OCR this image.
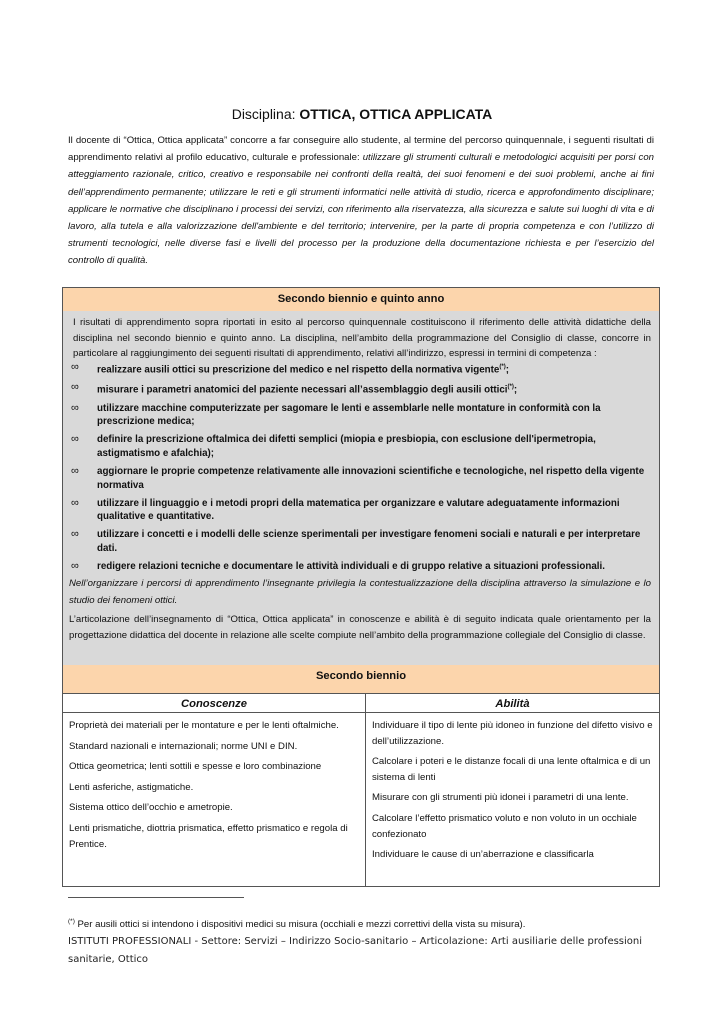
Disciplina: OTTICA, OTTICA APPLICATA
Il docente di “Ottica, Ottica applicata” concorre a far conseguire allo studente, al termine del percorso quinquennale, i seguenti risultati di apprendimento relativi al profilo educativo, culturale e professionale: utilizzare gli strumenti culturali e metodologici acquisiti per porsi con atteggiamento razionale, critico, creativo e responsabile nei confronti della realtà, dei suoi fenomeni e dei suoi problemi, anche ai fini dell’apprendimento permanente; utilizzare le reti e gli strumenti informatici nelle attività di studio, ricerca e approfondimento disciplinare; applicare le normative che disciplinano i processi dei servizi, con riferimento alla riservatezza, alla sicurezza e salute sui luoghi di vita e di lavoro, alla tutela e alla valorizzazione dell'ambiente e del territorio; intervenire, per la parte di propria competenza e con l’utilizzo di strumenti tecnologici, nelle diverse fasi e livelli del processo per la produzione della documentazione richiesta e per l’esercizio del controllo di qualità.
Secondo biennio e quinto anno
I risultati di apprendimento sopra riportati in esito al percorso quinquennale costituiscono il riferimento delle attività didattiche della disciplina nel secondo biennio e quinto anno. La disciplina, nell’ambito della programmazione del Consiglio di classe, concorre in particolare al raggiungimento dei seguenti risultati di apprendimento, relativi all’indirizzo, espressi in termini di competenza :
∞ realizzare ausili ottici su prescrizione del medico e nel rispetto della normativa vigente(*);
∞ misurare i parametri anatomici del paziente necessari all’assemblaggio degli ausili ottici(*);
∞ utilizzare macchine computerizzate per sagomare le lenti e assemblarle nelle montature in conformità con la prescrizione medica;
∞ definire la prescrizione oftalmica dei difetti semplici (miopia e presbiopia, con esclusione dell'ipermetropia, astigmatismo e afalchia);
∞ aggiornare le proprie competenze relativamente alle innovazioni scientifiche e tecnologiche, nel rispetto della vigente normativa
∞ utilizzare il linguaggio e i metodi propri della matematica per organizzare e valutare adeguatamente informazioni qualitative e quantitative.
∞ utilizzare i concetti e i modelli delle scienze sperimentali per investigare fenomeni sociali e naturali e per interpretare dati.
∞ redigere relazioni tecniche e documentare le attività individuali e di gruppo relative a situazioni professionali.
Nell’organizzare i percorsi di apprendimento l’insegnante privilegia la contestualizzazione della disciplina attraverso la simulazione e lo studio dei fenomeni ottici.
L’articolazione dell’insegnamento di “Ottica, Ottica applicata” in conoscenze e abilità è di seguito indicata quale orientamento per la progettazione didattica del docente in relazione alle scelte compiute nell’ambito della programmazione collegiale del Consiglio di classe.
Secondo biennio
Conoscenze
Proprietà dei materiali per le montature e per le lenti oftalmiche.
Standard nazionali e internazionali; norme UNI e DIN.
Ottica geometrica; lenti sottili e spesse e loro combinazione
Lenti asferiche, astigmatiche.
Sistema ottico dell’occhio e ametropie.
Lenti prismatiche, diottria prismatica, effetto prismatico e regola di Prentice.
Abilità
Individuare il tipo di lente più idoneo in funzione del difetto visivo e dell’utilizzazione.
Calcolare i poteri e le distanze focali di una lente oftalmica e di un sistema di lenti
Misurare con gli strumenti più idonei i parametri di una lente.
Calcolare l’effetto prismatico voluto e non voluto in un occhiale confezionato
Individuare le cause di un’aberrazione e classificarla
(*) Per ausili ottici si intendono i dispositivi medici su misura (occhiali e mezzi correttivi della vista su misura).
ISTITUTI PROFESSIONALI - Settore: Servizi – Indirizzo Socio-sanitario – Articolazione: Arti ausiliarie delle professioni sanitarie, Ottico
